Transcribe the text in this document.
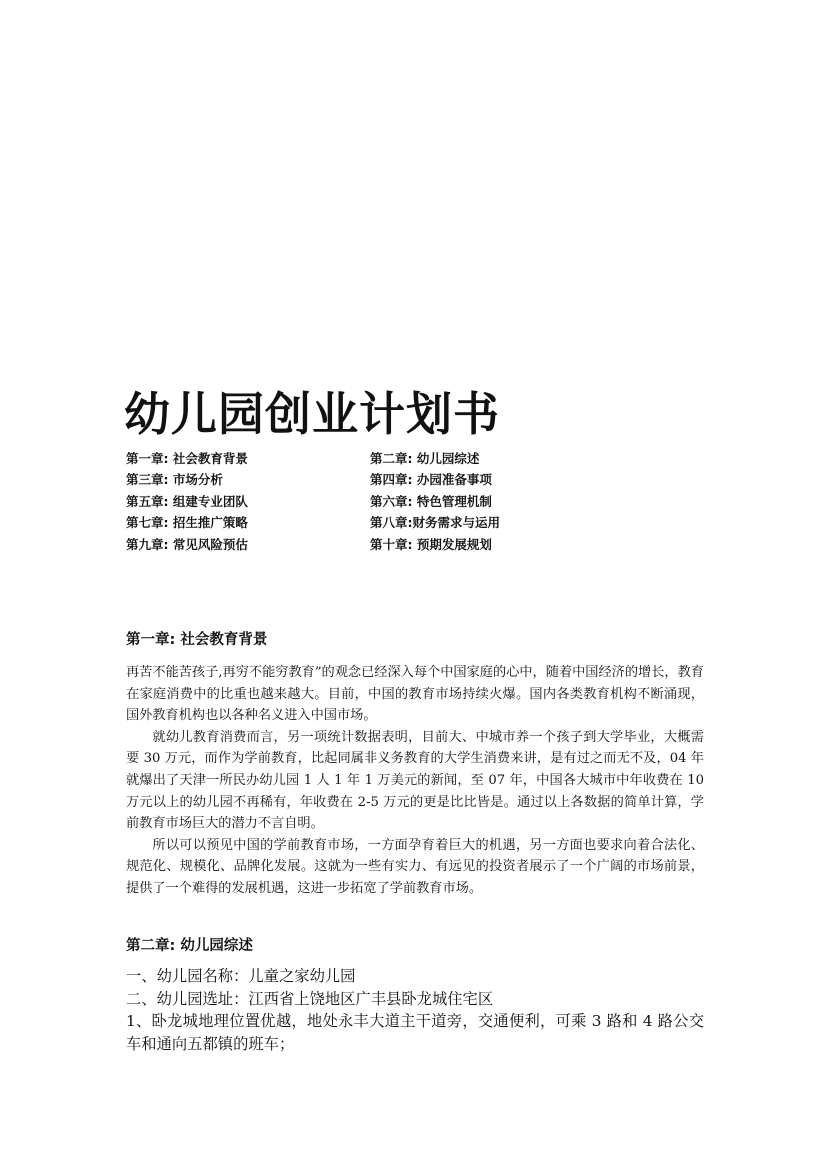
幼儿园创业计划书
第一章: 社会教育背景	第二章: 幼儿园综述
第三章: 市场分析	第四章: 办园准备事项
第五章: 组建专业团队	第六章: 特色管理机制
第七章: 招生推广策略	第八章:财务需求与运用
第九章: 常见风险预估	第十章: 预期发展规划
第一章: 社会教育背景

再苦不能苦孩子,再穷不能穷教育”的观念已经深入每个中国家庭的心中，随着中国经济的增长，教育在家庭消费中的比重也越来越大。目前，中国的教育市场持续火爆。国内各类教育机构不断涌现，国外教育机构也以各种名义进入中国市场。

就幼儿教育消费而言，另一项统计数据表明，目前大、中城市养一个孩子到大学毕业，大概需要 30 万元，而作为学前教育，比起同属非义务教育的大学生消费来讲，是有过之而无不及，04 年就爆出了天津一所民办幼儿园 1 人 1 年 1 万美元的新闻，至 07 年，中国各大城市中年收费在 10 万元以上的幼儿园不再稀有，年收费在 2-5 万元的更是比比皆是。通过以上各数据的简单计算，学前教育市场巨大的潜力不言自明。

所以可以预见中国的学前教育市场，一方面孕育着巨大的机遇，另一方面也要求向着合法化、规范化、规模化、品牌化发展。这就为一些有实力、有远见的投资者展示了一个广阔的市场前景，提供了一个难得的发展机遇，这进一步拓宽了学前教育市场。

第二章: 幼儿园综述

一、幼儿园名称：儿童之家幼儿园

二、幼儿园选址：江西省上饶地区广丰县卧龙城住宅区

1、卧龙城地理位置优越，地处永丰大道主干道旁，交通便利，可乘 3 路和 4 路公交车和通向五都镇的班车；
